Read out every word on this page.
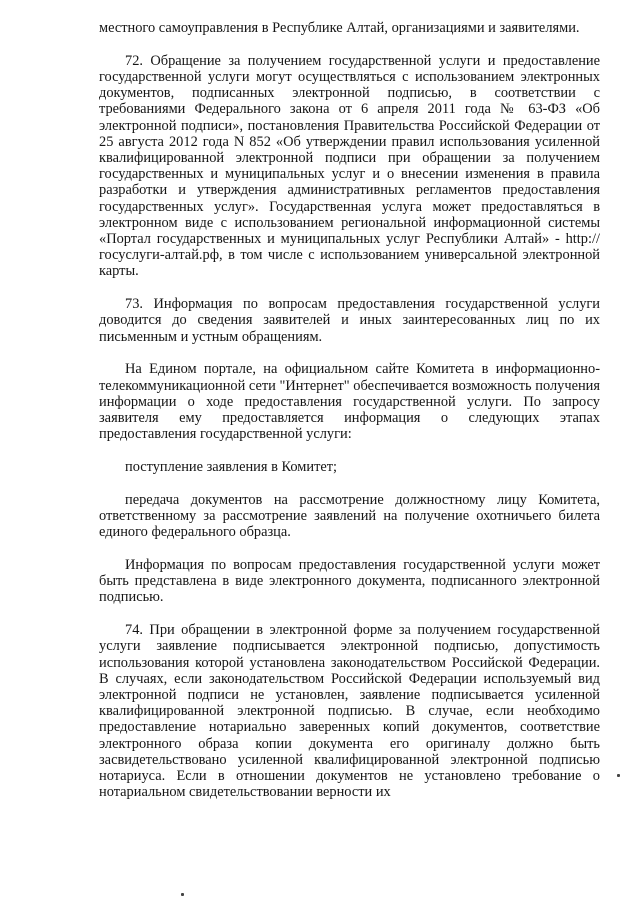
местного самоуправления в Республике Алтай, организациями и заявителями.

72. Обращение за получением государственной услуги и предоставление государственной услуги могут осуществляться с использованием электронных документов, подписанных электронной подписью, в соответствии с требованиями Федерального закона от 6 апреля 2011 года № 63-ФЗ «Об электронной подписи», постановления Правительства Российской Федерации от 25 августа 2012 года N 852 «Об утверждении правил использования усиленной квалифицированной электронной подписи при обращении за получением государственных и муниципальных услуг и о внесении изменения в правила разработки и утверждения административных регламентов предоставления государственных услуг». Государственная услуга может предоставляться в электронном виде с использованием региональной информационной системы «Портал государственных и муниципальных услуг Республики Алтай» - http://госуслуги-алтай.рф, в том числе с использованием универсальной электронной карты.

73. Информация по вопросам предоставления государственной услуги доводится до сведения заявителей и иных заинтересованных лиц по их письменным и устным обращениям.

На Едином портале, на официальном сайте Комитета в информационно-телекоммуникационной сети "Интернет" обеспечивается возможность получения информации о ходе предоставления государственной услуги. По запросу заявителя ему предоставляется информация о следующих этапах предоставления государственной услуги:

поступление заявления в Комитет;

передача документов на рассмотрение должностному лицу Комитета, ответственному за рассмотрение заявлений на получение охотничьего билета единого федерального образца.

Информация по вопросам предоставления государственной услуги может быть представлена в виде электронного документа, подписанного электронной подписью.

74. При обращении в электронной форме за получением государственной услуги заявление подписывается электронной подписью, допустимость использования которой установлена законодательством Российской Федерации. В случаях, если законодательством Российской Федерации используемый вид электронной подписи не установлен, заявление подписывается усиленной квалифицированной электронной подписью. В случае, если необходимо предоставление нотариально заверенных копий документов, соответствие электронного образа копии документа его оригиналу должно быть засвидетельствовано усиленной квалифицированной электронной подписью нотариуса. Если в отношении документов не установлено требование о нотариальном свидетельствовании верности их
